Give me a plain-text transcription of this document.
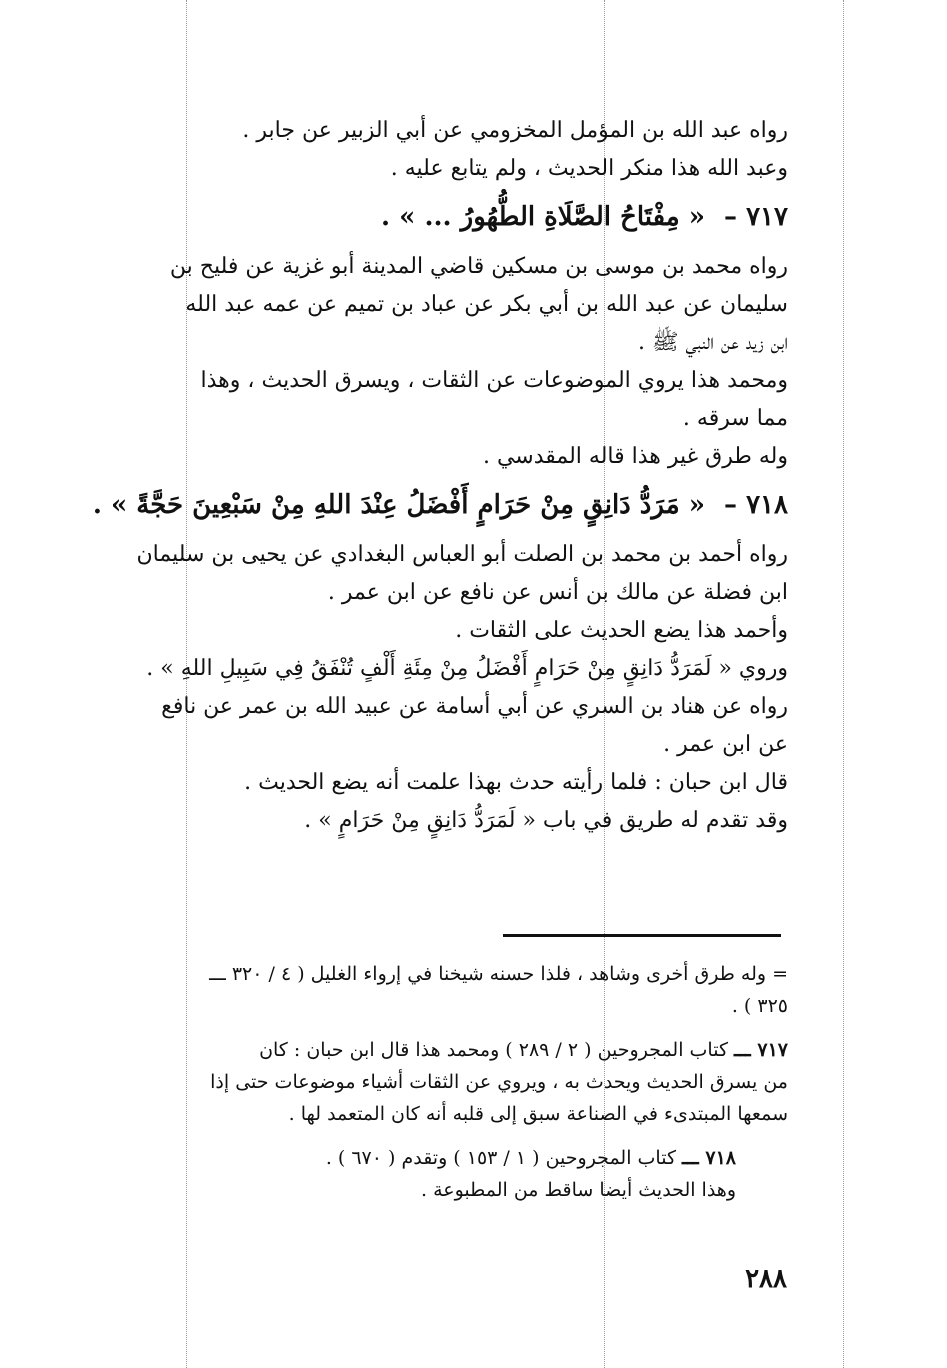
رواه عبد الله بن المؤمل المخزومي عن أبي الزبير عن جابر .

وعبد الله هذا منكر الحديث ، ولم يتابع عليه .

٧١٧ – « مِفْتَاحُ الصَّلَاةِ الطُّهُورُ ... » .

رواه محمد بن موسى بن مسكين قاضي المدينة أبو غزية عن فليح بن

سليمان عن عبد الله بن أبي بكر عن عباد بن تميم عن عمه عبد الله

ابن زيد عن النبي ﷺ .

ومحمد هذا يروي الموضوعات عن الثقات ، ويسرق الحديث ، وهذا

مما سرقه .

وله طرق غير هذا قاله المقدسي .

٧١٨ – « مَرَدُّ دَانِقٍ مِنْ حَرَامٍ أَفْضَلُ عِنْدَ اللهِ مِنْ سَبْعِينَ حَجَّةً » .

رواه أحمد بن محمد بن الصلت أبو العباس البغدادي عن يحيى بن سليمان

ابن فضلة عن مالك بن أنس عن نافع عن ابن عمر .

وأحمد هذا يضع الحديث على الثقات .

وروي « لَمَرَدُّ دَانِقٍ مِنْ حَرَامٍ أَفْضَلُ مِنْ مِئَةِ أَلْفٍ تُنْفَقُ فِي سَبِيلِ اللهِ » .

رواه عن هناد بن السري عن أبي أسامة عن عبيد الله بن عمر عن نافع

عن ابن عمر .

قال ابن حبان : فلما رأيته حدث بهذا علمت أنه يضع الحديث .

وقد تقدم له طريق في باب « لَمَرَدُّ دَانِقٍ مِنْ حَرَامٍ » .

= وله طرق أخرى وشاهد ، فلذا حسنه شيخنا في إرواء الغليل ( ٤ / ٣٢٠ ـــ

٣٢٥ ) .

٧١٧ ـــ كتاب المجروحين ( ٢ / ٢٨٩ ) ومحمد هذا قال ابن حبان : كان

من يسرق الحديث ويحدث به ، ويروي عن الثقات أشياء موضوعات حتى إذا

سمعها المبتدىء في الصناعة سبق إلى قلبه أنه كان المتعمد لها .

٧١٨ ـــ كتاب المجروحين ( ١ / ١٥٣ ) وتقدم ( ٦٧٠ ) .

وهذا الحديث أيضا ساقط من المطبوعة .

٢٨٨
